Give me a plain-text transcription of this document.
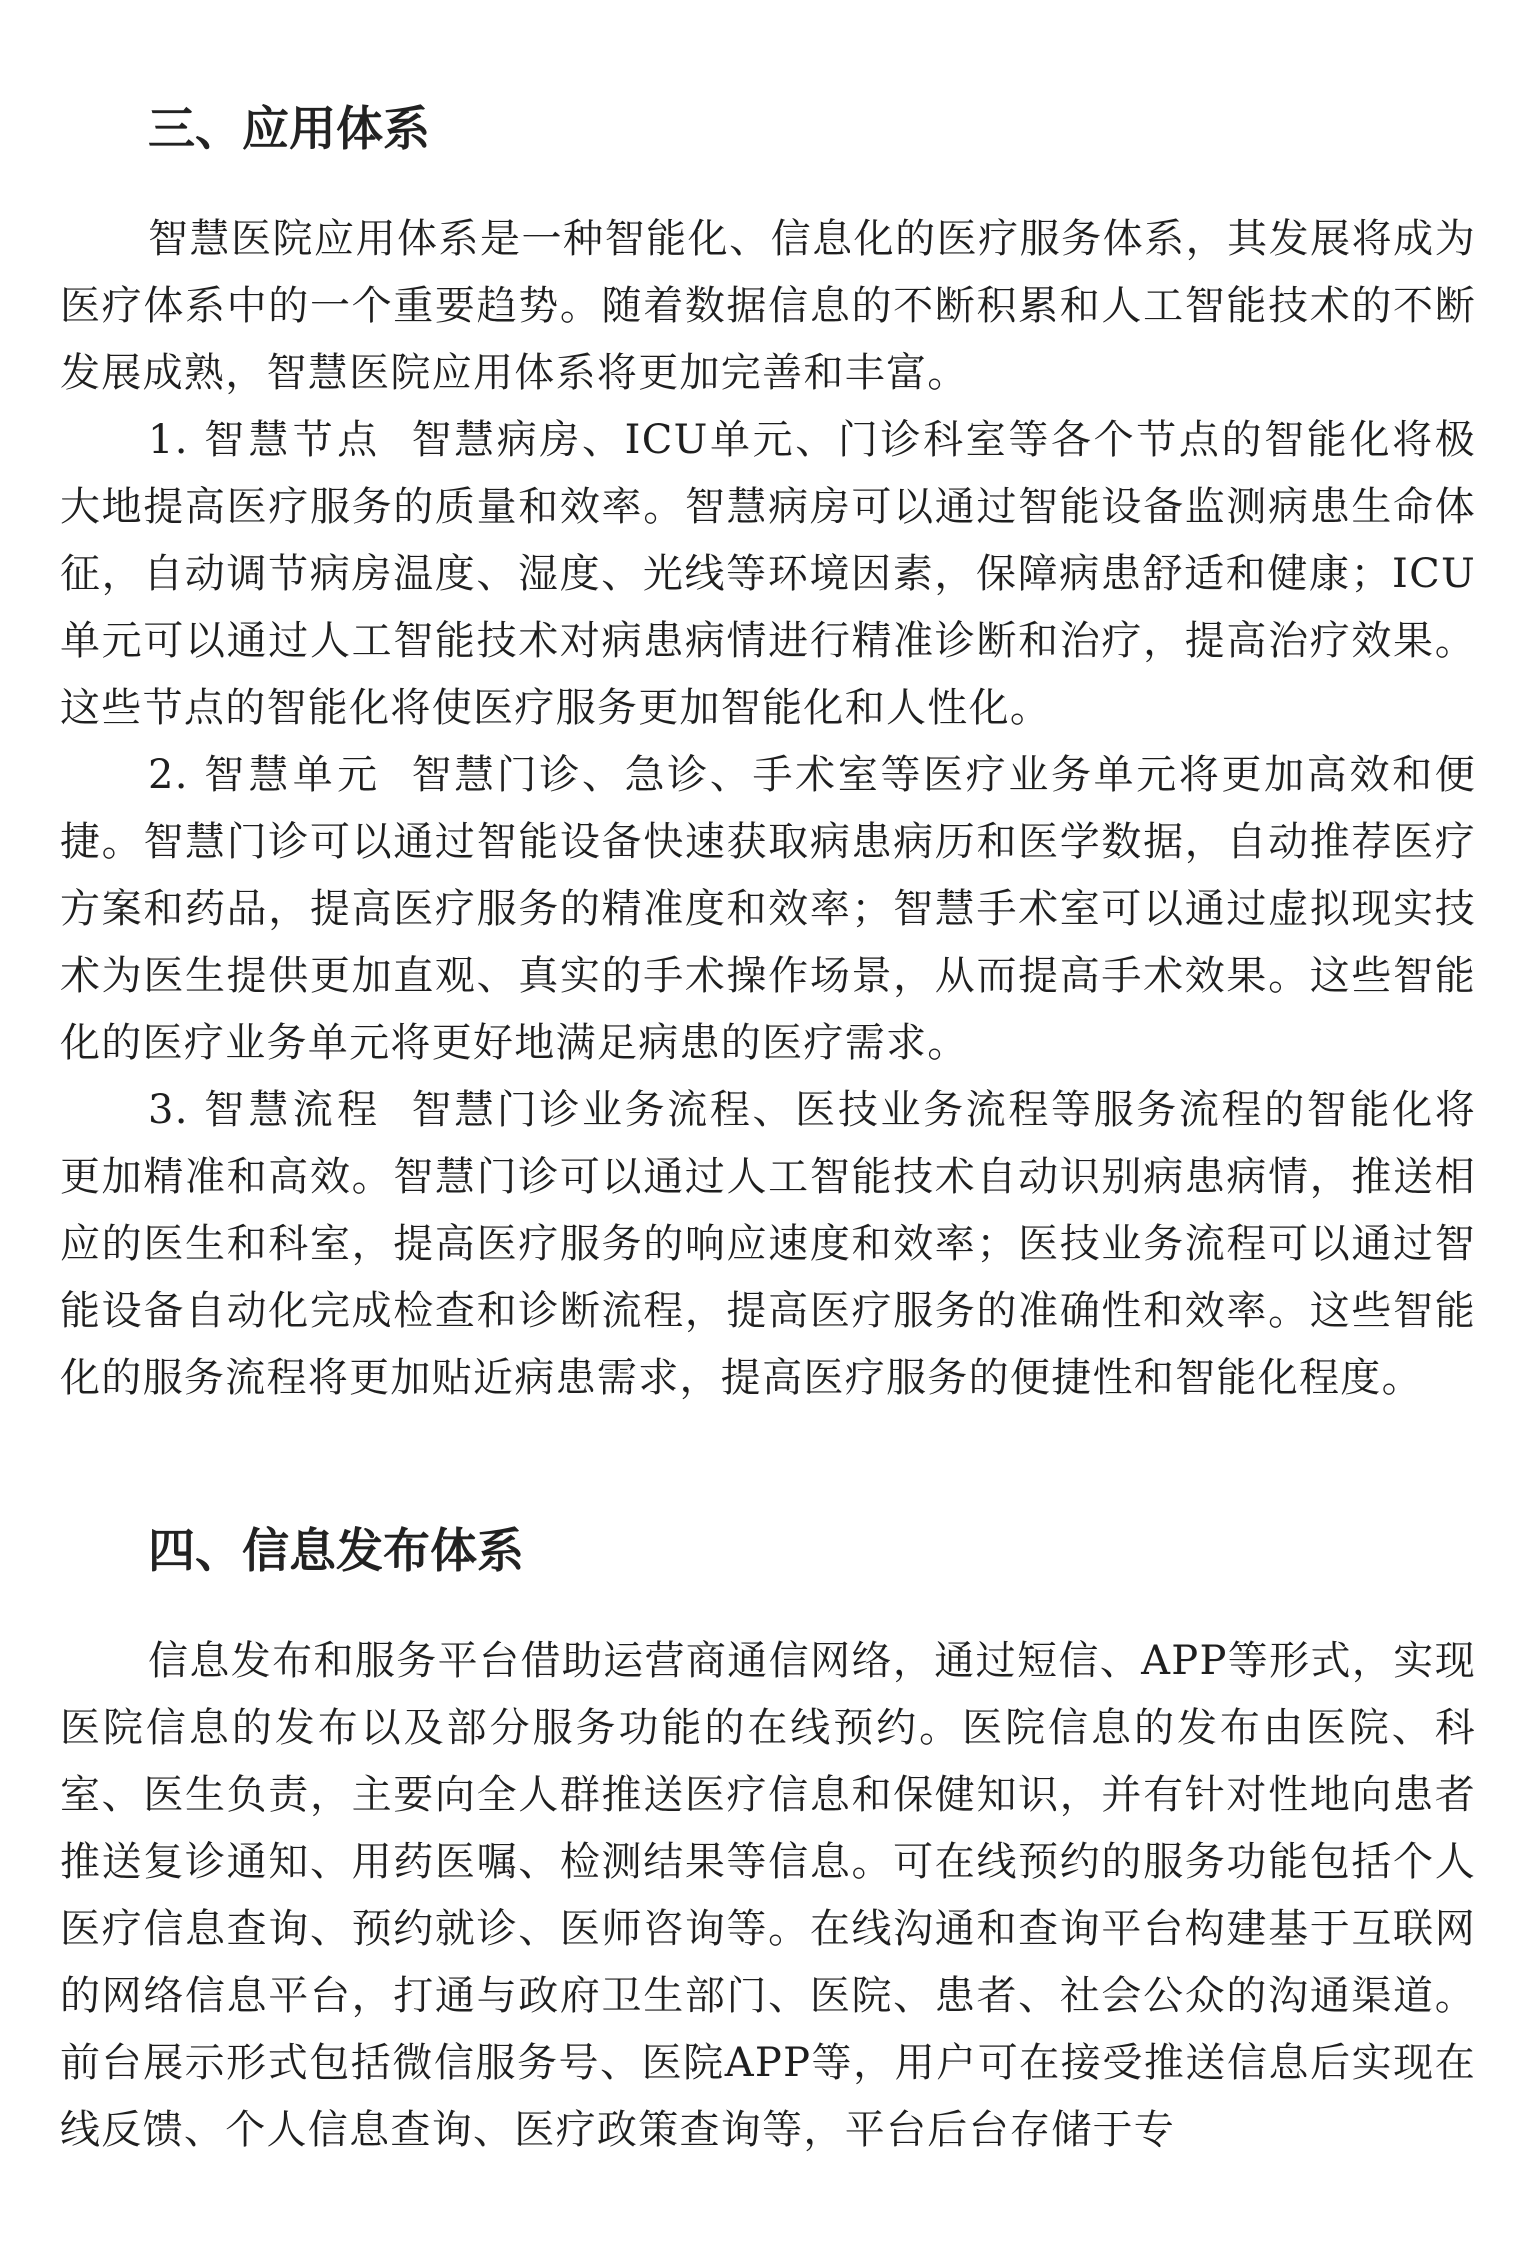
三、应用体系

智慧医院应用体系是一种智能化、信息化的医疗服务体系，其发展将成为医疗体系中的一个重要趋势。随着数据信息的不断积累和人工智能技术的不断发展成熟，智慧医院应用体系将更加完善和丰富。

1. 智慧节点 智慧病房、ICU单元、门诊科室等各个节点的智能化将极大地提高医疗服务的质量和效率。智慧病房可以通过智能设备监测病患生命体征，自动调节病房温度、湿度、光线等环境因素，保障病患舒适和健康；ICU单元可以通过人工智能技术对病患病情进行精准诊断和治疗，提高治疗效果。这些节点的智能化将使医疗服务更加智能化和人性化。

2. 智慧单元 智慧门诊、急诊、手术室等医疗业务单元将更加高效和便捷。智慧门诊可以通过智能设备快速获取病患病历和医学数据，自动推荐医疗方案和药品，提高医疗服务的精准度和效率；智慧手术室可以通过虚拟现实技术为医生提供更加直观、真实的手术操作场景，从而提高手术效果。这些智能化的医疗业务单元将更好地满足病患的医疗需求。

3. 智慧流程 智慧门诊业务流程、医技业务流程等服务流程的智能化将更加精准和高效。智慧门诊可以通过人工智能技术自动识别病患病情，推送相应的医生和科室，提高医疗服务的响应速度和效率；医技业务流程可以通过智能设备自动化完成检查和诊断流程，提高医疗服务的准确性和效率。这些智能化的服务流程将更加贴近病患需求，提高医疗服务的便捷性和智能化程度。

四、信息发布体系

信息发布和服务平台借助运营商通信网络，通过短信、APP等形式，实现医院信息的发布以及部分服务功能的在线预约。医院信息的发布由医院、科室、医生负责，主要向全人群推送医疗信息和保健知识，并有针对性地向患者推送复诊通知、用药医嘱、检测结果等信息。可在线预约的服务功能包括个人医疗信息查询、预约就诊、医师咨询等。在线沟通和查询平台构建基于互联网的网络信息平台，打通与政府卫生部门、医院、患者、社会公众的沟通渠道。前台展示形式包括微信服务号、医院APP等，用户可在接受推送信息后实现在线反馈、个人信息查询、医疗政策查询等，平台后台存储于专
